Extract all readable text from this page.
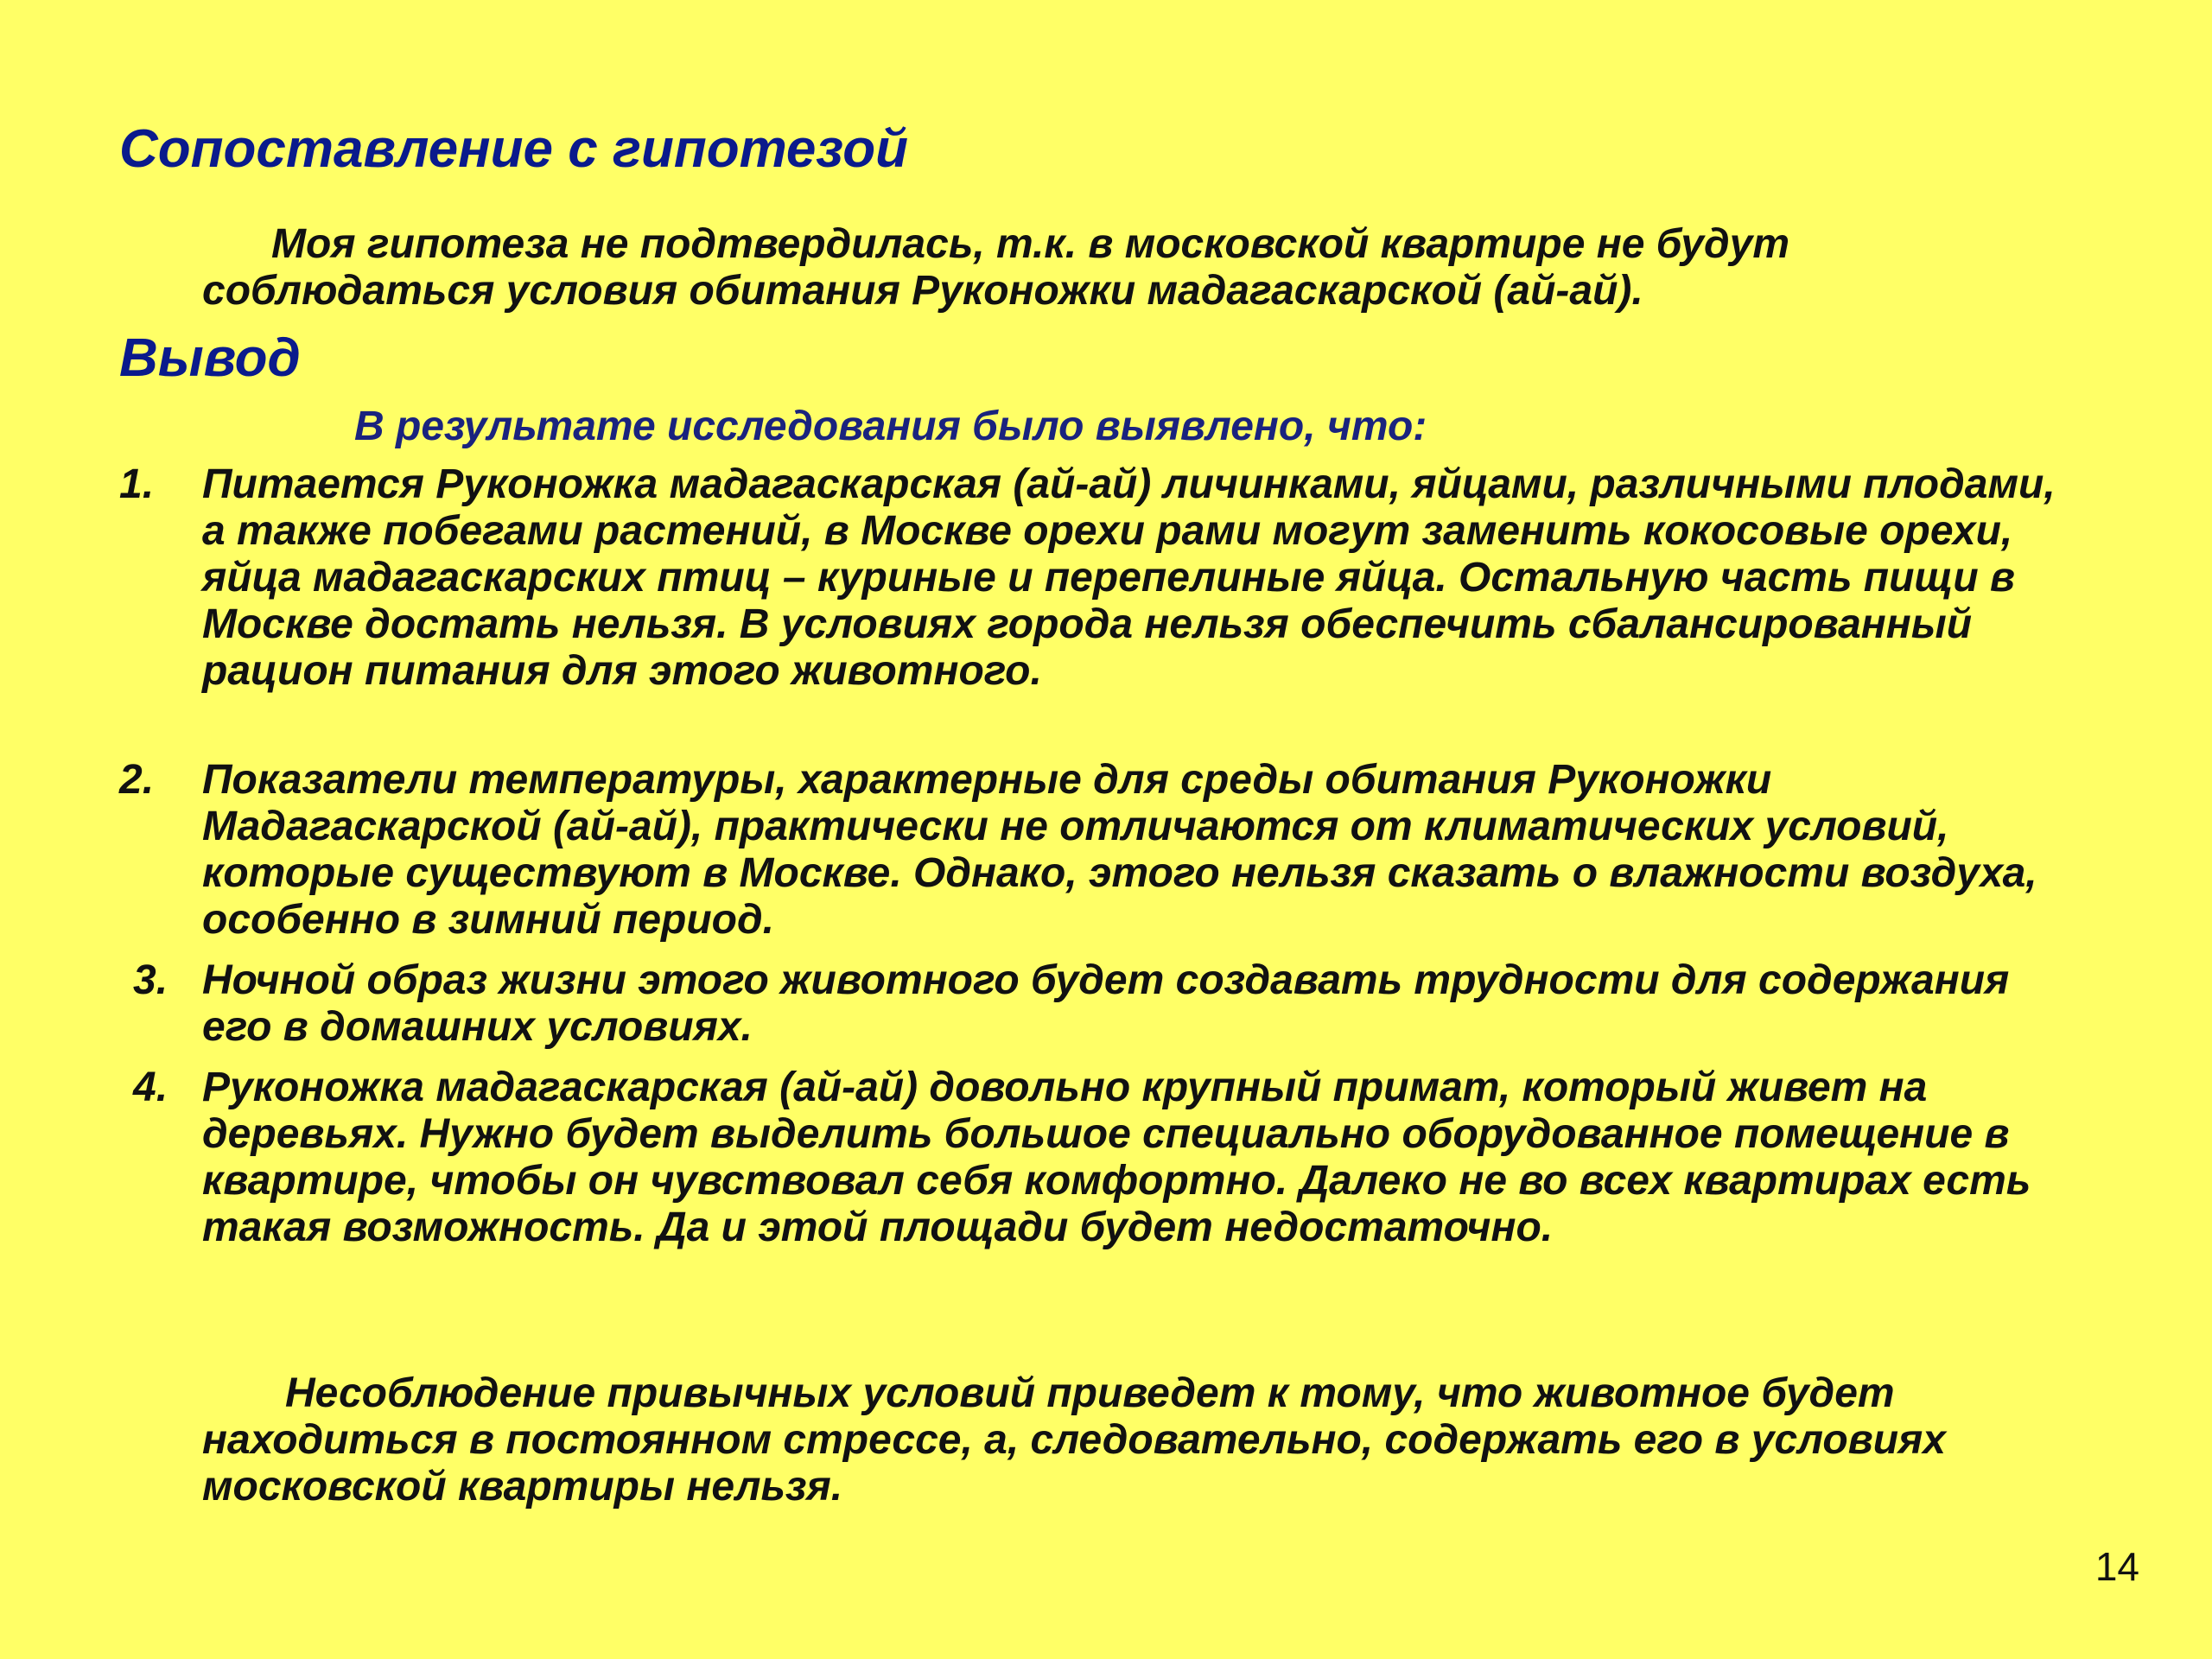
Сопоставление с гипотезой

Моя гипотеза не подтвердилась, т.к. в московской квартире не будут соблюдаться условия обитания Руконожки мадагаскарской (ай-ай).

Вывод
В результате исследования было выявлено, что:
1. Питается Руконожка мадагаскарская (ай-ай) личинками, яйцами, различными плодами, а также побегами растений, в Москве орехи рами могут заменить кокосовые орехи, яйца мадагаскарских птиц – куриные и перепелиные яйца. Остальную часть пищи в Москве достать нельзя. В условиях города нельзя обеспечить сбалансированный рацион питания для этого животного.
2. Показатели температуры, характерные для среды обитания Руконожки Мадагаскарской (ай-ай), практически не отличаются от климатических условий, которые существуют в Москве. Однако, этого нельзя сказать о влажности воздуха, особенно в зимний период.
3. Ночной образ жизни этого животного будет создавать трудности для содержания его в домашних условиях.
4. Руконожка мадагаскарская (ай-ай) довольно крупный примат, который живет на деревьях. Нужно будет выделить большое специально оборудованное помещение в квартире, чтобы он чувствовал себя комфортно. Далеко не во всех квартирах есть такая возможность. Да и этой площади будет недостаточно.

Несоблюдение привычных условий приведет к тому, что животное будет находиться в постоянном стрессе, а, следовательно, содержать его в условиях московской квартиры нельзя.

14
